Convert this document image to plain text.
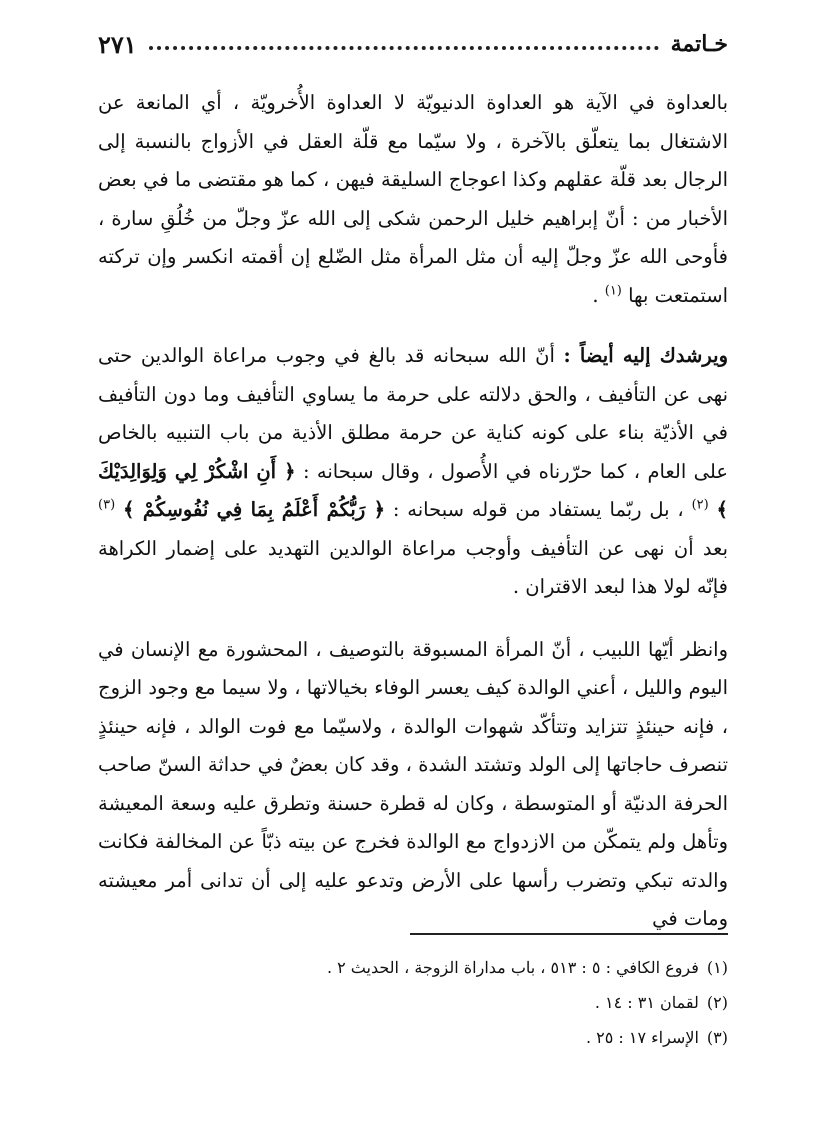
خـاتمة
٢٧١

بالعداوة في الآية هو العداوة الدنيويّة لا العداوة الأُخرويّة ، أي المانعة عن الاشتغال بما يتعلّق بالآخرة ، ولا سيّما مع قلّة العقل في الأزواج بالنسبة إلى الرجال بعد قلّة عقلهم وكذا اعوجاج السليقة فيهن ، كما هو مقتضى ما في بعض الأخبار من : أنّ إبراهيم خليل الرحمن شكى إلى الله عزّ وجلّ من خُلُقِ سارة ، فأوحى الله عزّ وجلّ إليه أن مثل المرأة مثل الضّلع إن أقمته انكسر وإن تركته استمتعت بها $^{(١)}$ .

ويرشدك إليه أيضاً : أنّ الله سبحانه قد بالغ في وجوب مراعاة الوالدين حتى نهى عن التأفيف ، والحق دلالته على حرمة ما يساوي التأفيف وما دون التأفيف في الأذيّة بناء على كونه كناية عن حرمة مطلق الأذية من باب التنبيه بالخاص على العام ، كما حرّرناه في الأُصول ، وقال سبحانه : ﴿ أَنِ اشْكُرْ لِي وَلِوَالِدَيْكَ ﴾ $^{(٢)}$ ، بل ربّما يستفاد من قوله سبحانه : ﴿ رَبُّكُمْ أَعْلَمُ بِمَا فِي نُفُوسِكُمْ ﴾ $^{(٣)}$ بعد أن نهى عن التأفيف وأوجب مراعاة الوالدين التهديد على إضمار الكراهة فإنّه لولا هذا لبعد الاقتران .

وانظر أيّها اللبيب ، أنّ المرأة المسبوقة بالتوصيف ، المحشورة مع الإنسان في اليوم والليل ، أعني الوالدة كيف يعسر الوفاء بخيالاتها ، ولا سيما مع وجود الزوج ، فإنه حينئذٍ تتزايد وتتأكّد شهوات الوالدة ، ولاسيّما مع فوت الوالد ، فإنه حينئذٍ تنصرف حاجاتها إلى الولد وتشتد الشدة ، وقد كان بعضٌ في حداثة السنّ صاحب الحرفة الدنيّة أو المتوسطة ، وكان له قطرة حسنة وتطرق عليه وسعة المعيشة وتأهل ولم يتمكّن من الازدواج مع الوالدة فخرج عن بيته ذبّاً عن المخالفة فكانت والدته تبكي وتضرب رأسها على الأرض وتدعو عليه إلى أن تدانى أمر معيشته ومات في

(١)فروع الكافي : ٥ : ٥١٣ ، باب مداراة الزوجة ، الحديث ٢ .
(٢)لقمان ٣١ : ١٤ .
(٣)الإسراء ١٧ : ٢٥ .
